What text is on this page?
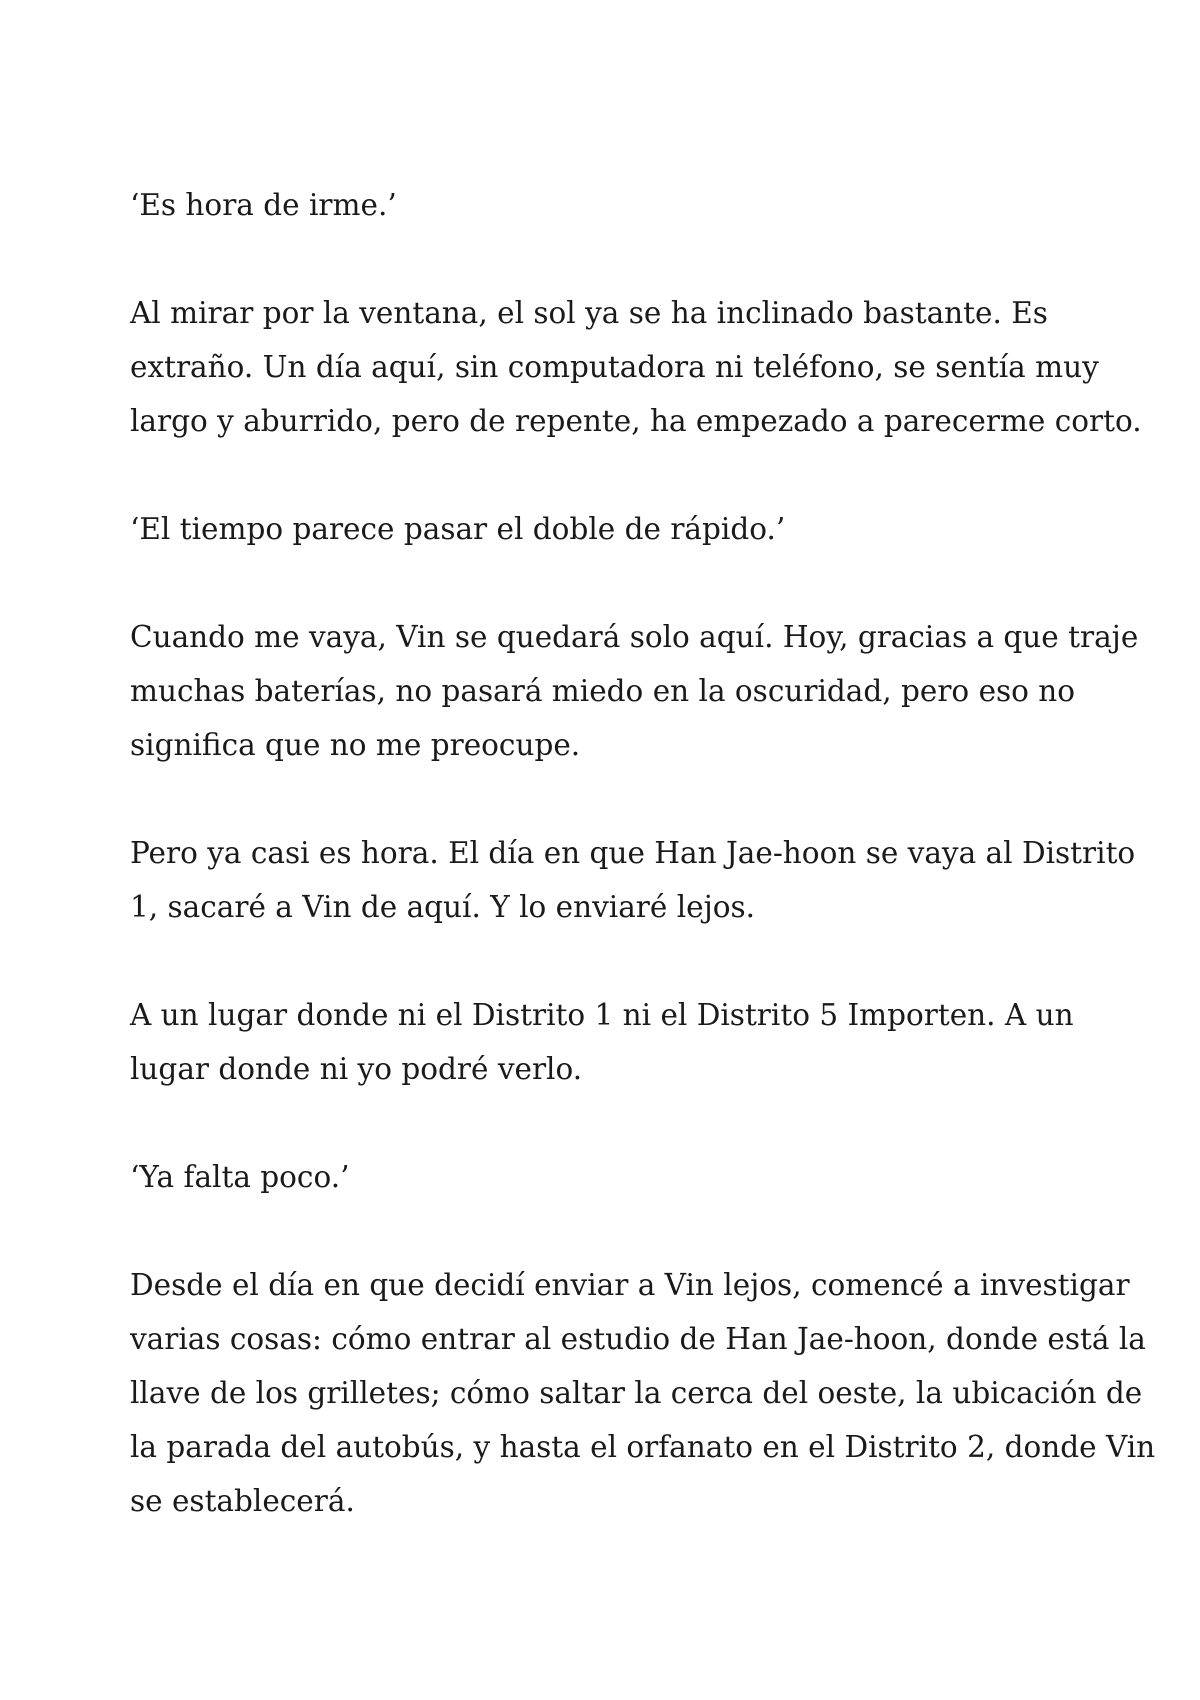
‘Es hora de irme.’

Al mirar por la ventana, el sol ya se ha inclinado bastante. Es
extraño. Un día aquí, sin computadora ni teléfono, se sentía muy
largo y aburrido, pero de repente, ha empezado a parecerme corto.

‘El tiempo parece pasar el doble de rápido.’

Cuando me vaya, Vin se quedará solo aquí. Hoy, gracias a que traje
muchas baterías, no pasará miedo en la oscuridad, pero eso no
significa que no me preocupe.

Pero ya casi es hora. El día en que Han Jae-hoon se vaya al Distrito
1, sacaré a Vin de aquí. Y lo enviaré lejos.

A un lugar donde ni el Distrito 1 ni el Distrito 5 Importen. A un
lugar donde ni yo podré verlo.

‘Ya falta poco.’

Desde el día en que decidí enviar a Vin lejos, comencé a investigar
varias cosas: cómo entrar al estudio de Han Jae-hoon, donde está la
llave de los grilletes; cómo saltar la cerca del oeste, la ubicación de
la parada del autobús, y hasta el orfanato en el Distrito 2, donde Vin
se establecerá.
